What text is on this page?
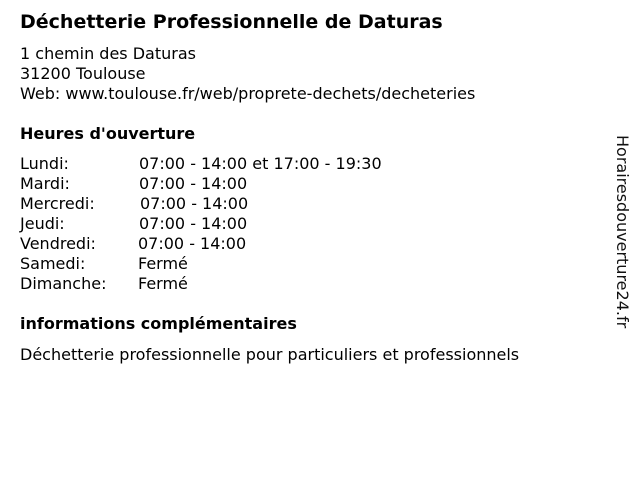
Déchetterie Professionnelle de Daturas
1 chemin des Daturas
31200 Toulouse
Web: www.toulouse.fr/web/proprete-dechets/decheteries
Heures d'ouverture
Lundi:	07:00 - 14:00 et 17:00 - 19:30
Mardi:	07:00 - 14:00
Mercredi:	07:00 - 14:00
Jeudi:	07:00 - 14:00
Vendredi:	07:00 - 14:00
Samedi:	Fermé
Dimanche: Fermé
informations complémentaires
Déchetterie professionnelle pour particuliers et professionnels
Horairesdouverture24.fr
